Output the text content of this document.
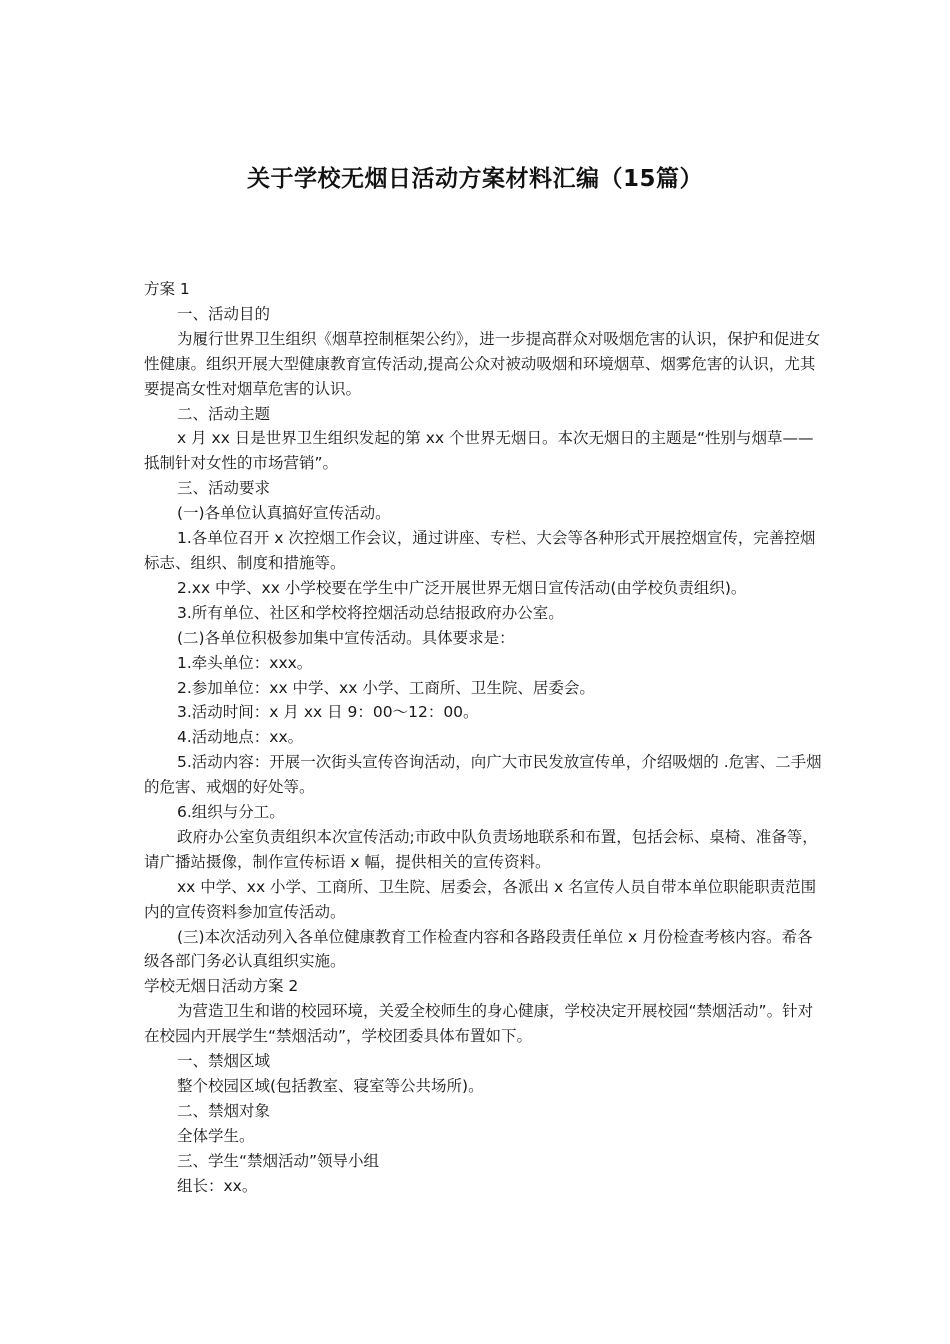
关于学校无烟日活动方案材料汇编（15篇）

方案 1

一、活动目的

为履行世界卫生组织《烟草控制框架公约》，进一步提高群众对吸烟危害的认识，保护和促进女性健康。组织开展大型健康教育宣传活动,提高公众对被动吸烟和环境烟草、烟雾危害的认识，尤其要提高女性对烟草危害的认识。

二、活动主题

x 月 xx 日是世界卫生组织发起的第 xx 个世界无烟日。本次无烟日的主题是“性别与烟草——抵制针对女性的市场营销”。

三、活动要求

(一)各单位认真搞好宣传活动。

1.各单位召开 x 次控烟工作会议，通过讲座、专栏、大会等各种形式开展控烟宣传，完善控烟标志、组织、制度和措施等。

2.xx 中学、xx 小学校要在学生中广泛开展世界无烟日宣传活动(由学校负责组织)。

3.所有单位、社区和学校将控烟活动总结报政府办公室。

(二)各单位积极参加集中宣传活动。具体要求是：

1.牵头单位：xxx。

2.参加单位：xx 中学、xx 小学、工商所、卫生院、居委会。

3.活动时间：x 月 xx 日 9：00～12：00。

4.活动地点：xx。

5.活动内容：开展一次街头宣传咨询活动，向广大市民发放宣传单，介绍吸烟的 .危害、二手烟的危害、戒烟的好处等。

6.组织与分工。

政府办公室负责组织本次宣传活动;市政中队负责场地联系和布置，包括会标、桌椅、准备等，请广播站摄像，制作宣传标语 x 幅，提供相关的宣传资料。

xx 中学、xx 小学、工商所、卫生院、居委会，各派出 x 名宣传人员自带本单位职能职责范围内的宣传资料参加宣传活动。

(三)本次活动列入各单位健康教育工作检查内容和各路段责任单位 x 月份检查考核内容。希各级各部门务必认真组织实施。

学校无烟日活动方案 2

为营造卫生和谐的校园环境，关爱全校师生的身心健康，学校决定开展校园“禁烟活动”。针对在校园内开展学生“禁烟活动”，学校团委具体布置如下。

一、禁烟区域

整个校园区域(包括教室、寝室等公共场所)。

二、禁烟对象

全体学生。

三、学生“禁烟活动”领导小组

组长：xx。
